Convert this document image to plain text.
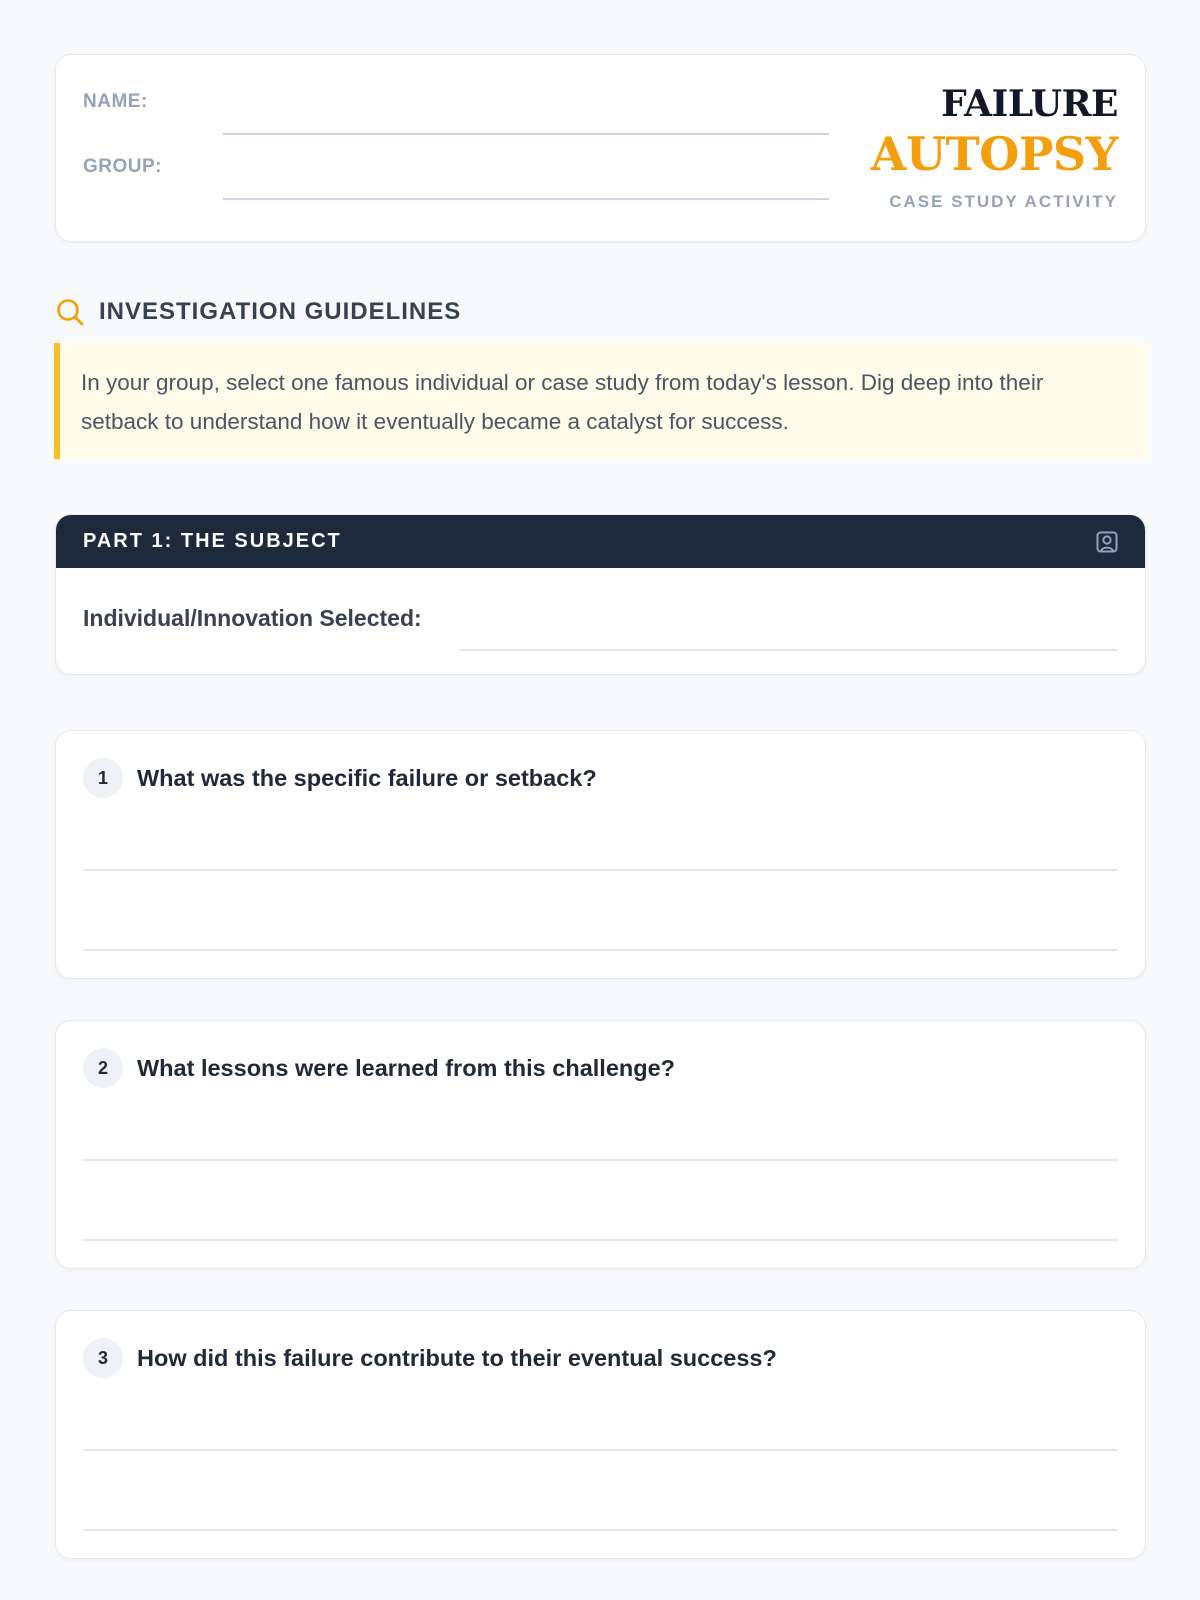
NAME:
GROUP:
FAILURE
AUTOPSY
CASE STUDY ACTIVITY
INVESTIGATION GUIDELINES
In your group, select one famous individual or case study from today's lesson. Dig deep into their setback to understand how it eventually became a catalyst for success.
PART 1: THE SUBJECT
Individual/Innovation Selected:
1	What was the specific failure or setback?
2	What lessons were learned from this challenge?
3	How did this failure contribute to their eventual success?
